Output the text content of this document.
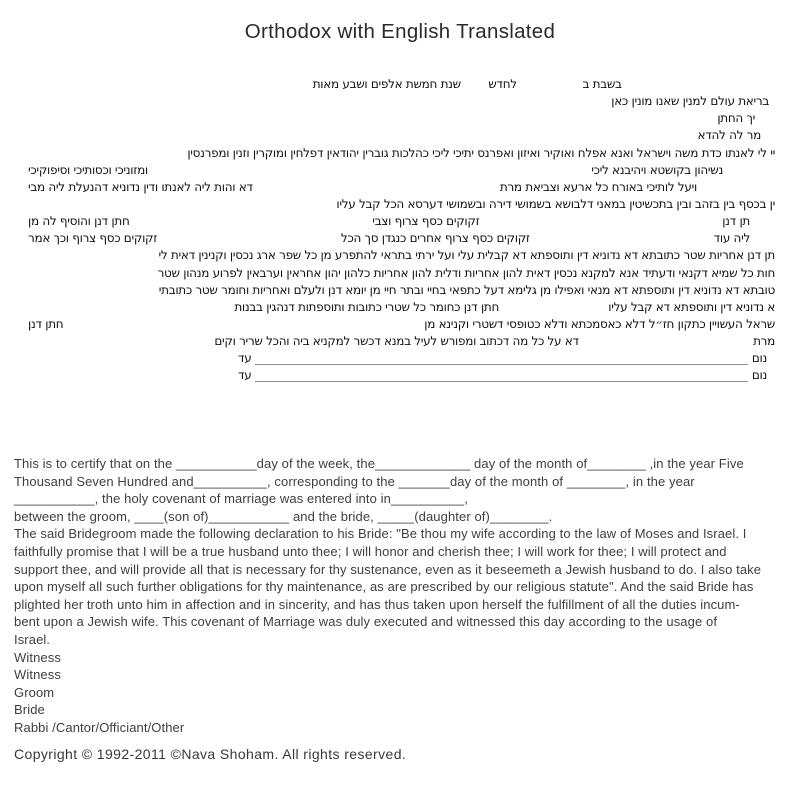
Orthodox with English Translated
בשבת ב
לחדש
שנת חמשת אלפים ושבע מאות
בריאת עולם למנין שאנו מונין כאן
יך החתן
מר לה להדא
יי לי לאנתו כדת משה וישראל ואנא אפלח ואוקיר ואיזון ואפרנס יתיכי ליכי כהלכות גוברין יהודאין דפלחין ומוקרין וזנין ומפרנסין
נשיהון בקושטא ויהיבנא ליכי
ומזוניכי וכסותיכי וסיפוקיכי
ויעל לותיכי באורח כל ארעא וצביאת מרת
דא והות ליה לאנתו ודין נדוניא דהנעלת ליה מבי
ין בכסף בין בזהב ובין בתכשיטין במאני דלבושא בשמושי דירה ובשמושי דערסא הכל קבל עליו
תן דנן
זקוקים כסף צרוף וצבי
חתן דנן והוסיף לה מן
ליה עוד
זקוקים כסף צרוף אחרים כנגדן סך הכל
זקוקים כסף צרוף וכך אמר
תן דנן אחריות שטר כתובתא דא נדוניא דין ותוספתא דא קבלית עלי ועל ירתי בתראי להתפרע מן כל שפר ארג נכסין וקנינין דאית לי
חות כל שמיא דקנאי ודעתיד אנא למקנא נכסין דאית להון אחריות ודלית להון אחריות כלהון יהון אחראין וערבאין לפרוע מנהון שטר
טובתא דא נדוניא דין ותוספתא דא מנאי ואפילו מן גלימא דעל כתפאי בחיי ובתר חיי מן יומא דנן ולעלם ואחריות וחומר שטר כתובתי
א נדוניא דין ותוספתא דא קבל עליו
חתן דנן כחומר כל שטרי כתובות ותוספתות דנהגין בבנות
שראל העשויין כתקון חז״ל דלא כאסמכתא ודלא כטופסי דשטרי וקנינא מן
חתן דנן
מרת
דא על כל מה דכתוב ומפורש לעיל במנא דכשר למקניא ביה והכל שריר וקים
נום
עד
נום
עד
This is to certify that on the ___________day of the week, the_____________ day of the month of________ ,in the year Five
Thousand Seven Hundred and__________, corresponding to the _______day of the month of ________, in the year
___________, the holy covenant of marriage was entered into in__________,
between the groom, ____(son of)___________ and the bride, _____(daughter of)________.
The said Bridegroom made the following declaration to his Bride: "Be thou my wife according to the law of Moses and Israel. I
faithfully promise that I will be a true husband unto thee; I will honor and cherish thee; I will work for thee; I will protect and
support thee, and will provide all that is necessary for thy sustenance, even as it beseemeth a Jewish husband to do. I also take
upon myself all such further obligations for thy maintenance, as are prescribed by our religious statute". And the said Bride has
plighted her troth unto him in affection and in sincerity, and has thus taken upon herself the fulfillment of all the duties incum-
bent upon a Jewish wife. This covenant of Marriage was duly executed and witnessed this day according to the usage of
Israel.
Witness
Witness
Groom
Bride
Rabbi /Cantor/Officiant/Other
Copyright © 1992-2011 ©Nava Shoham. All rights reserved.
